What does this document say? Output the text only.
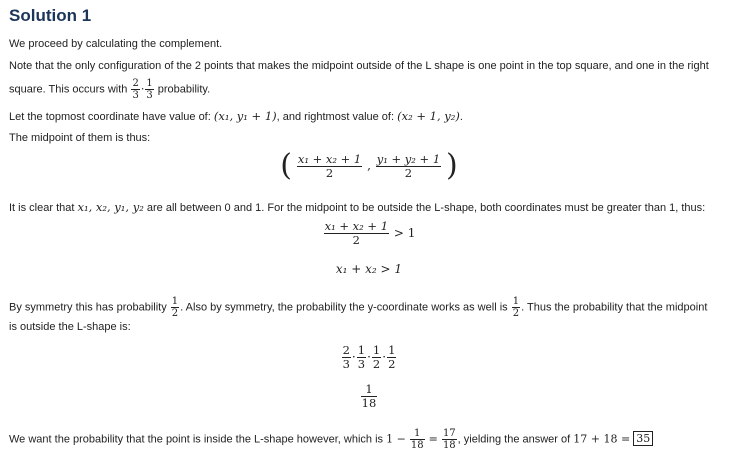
Solution 1
We proceed by calculating the complement.
Note that the only configuration of the 2 points that makes the midpoint outside of the L shape is one point in the top square, and one in the right
square. This occurs with $\frac{2}{3} \cdot \frac{1}{3}$ probability.
Let the topmost coordinate have value of: (x₁, y₁ + 1), and rightmost value of: (x₂ + 1, y₂).
The midpoint of them is thus:
( $\frac{\text{x₁ + x₂ + 1}}{2}$ , $\frac{\text{y₁ + y₂ + 1}}{2}$ )
It is clear that x₁, x₂, y₁, y₂ are all between 0 and 1. For the midpoint to be outside the L-shape, both coordinates must be greater than 1, thus:
$\frac{\text{x₁ + x₂ + 1}}{2} > 1$
x₁ + x₂ > 1
By symmetry this has probability $\frac{1}{2}$ . Also by symmetry, the probability the y-coordinate works as well is $\frac{1}{2}$ . Thus the probability that the midpoint
is outside the L-shape is:
$\frac{2}{3} \cdot \frac{1}{3} \cdot \frac{1}{2} \cdot \frac{1}{2}$
$\frac{1}{18}$
We want the probability that the point is inside the L-shape however, which is $1 - \frac{1}{18} = \frac{17}{18}$ , yielding the answer of 17 + 18 = 35
